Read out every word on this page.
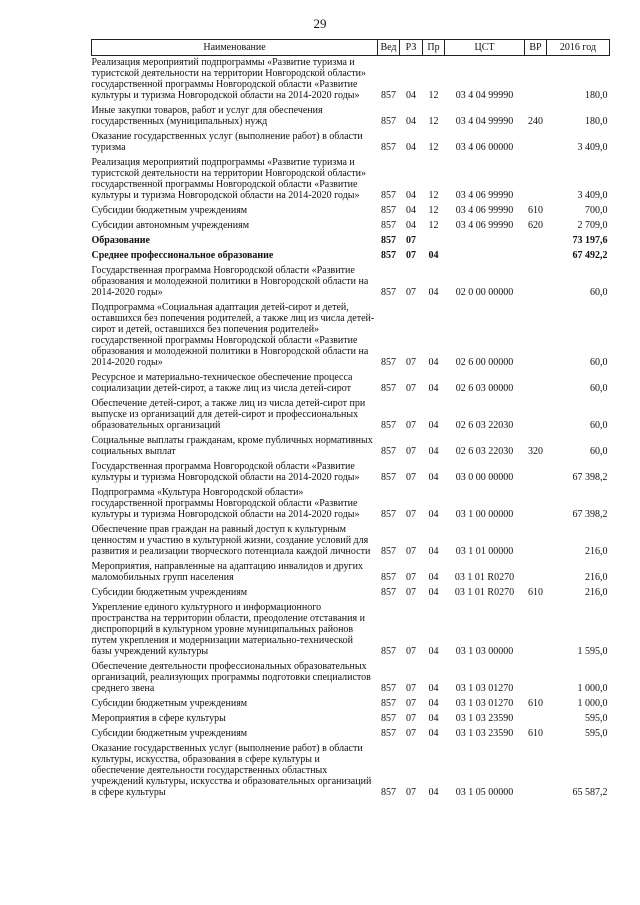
29
Наименование	Вед	РЗ	Пр	ЦСТ	ВР	2016 год
Реализация мероприятий подпрограммы «Развитие туризма и туристской деятельности на территории Новгородской области» государственной программы Новгородской области «Развитие культуры и туризма Новгородской области на 2014-2020 годы»	857	04	12	03 4 04 99990		180,0
Иные закупки товаров, работ и услуг для обеспечения государственных (муниципальных) нужд	857	04	12	03 4 04 99990	240	180,0
Оказание государственных услуг (выполнение работ) в области туризма	857	04	12	03 4 06 00000		3 409,0
Реализация мероприятий подпрограммы «Развитие туризма и туристской деятельности на территории Новгородской области» государственной программы Новгородской области «Развитие культуры и туризма Новгородской области на 2014-2020 годы»	857	04	12	03 4 06 99990		3 409,0
Субсидии бюджетным учреждениям	857	04	12	03 4 06 99990	610	700,0
Субсидии автономным учреждениям	857	04	12	03 4 06 99990	620	2 709,0
Образование	857	07				73 197,6
Среднее профессиональное образование	857	07	04			67 492,2
Государственная программа Новгородской области «Развитие образования и молодежной политики в Новгородской области на 2014-2020 годы»	857	07	04	02 0 00 00000		60,0
Подпрограмма «Социальная адаптация детей-сирот и детей, оставшихся без попечения родителей, а также лиц из числа детей-сирот и детей, оставшихся без попечения родителей» государственной программы Новгородской области «Развитие образования и молодежной политики в Новгородской области на 2014-2020 годы»	857	07	04	02 6 00 00000		60,0
Ресурсное и материально-техническое обеспечение процесса социализации детей-сирот, а также лиц из числа детей-сирот	857	07	04	02 6 03 00000		60,0
Обеспечение детей-сирот, а также лиц из числа детей-сирот при выпуске из организаций для детей-сирот и профессиональных образовательных организаций	857	07	04	02 6 03 22030		60,0
Социальные выплаты гражданам, кроме публичных нормативных социальных выплат	857	07	04	02 6 03 22030	320	60,0
Государственная программа Новгородской области «Развитие культуры и туризма Новгородской области на 2014-2020 годы»	857	07	04	03 0 00 00000		67 398,2
Подпрограмма «Культура Новгородской области» государственной программы Новгородской области «Развитие культуры и туризма Новгородской области на 2014-2020 годы»	857	07	04	03 1 00 00000		67 398,2
Обеспечение прав граждан на равный доступ к культурным ценностям и участию в культурной жизни, создание условий для развития и реализации творческого потенциала каждой личности	857	07	04	03 1 01 00000		216,0
Мероприятия, направленные на адаптацию инвалидов и других маломобильных групп населения	857	07	04	03 1 01 R0270		216,0
Субсидии бюджетным учреждениям	857	07	04	03 1 01 R0270	610	216,0
Укрепление единого культурного и информационного пространства на территории области, преодоление отставания и диспропорций в культурном уровне муниципальных районов путем укрепления и модернизации материально-технической базы учреждений культуры	857	07	04	03 1 03 00000		1 595,0
Обеспечение деятельности профессиональных образовательных организаций, реализующих программы подготовки специалистов среднего звена	857	07	04	03 1 03 01270		1 000,0
Субсидии бюджетным учреждениям	857	07	04	03 1 03 01270	610	1 000,0
Мероприятия в сфере культуры	857	07	04	03 1 03 23590		595,0
Субсидии бюджетным учреждениям	857	07	04	03 1 03 23590	610	595,0
Оказание государственных услуг (выполнение работ) в области культуры, искусства, образования в сфере культуры и обеспечение деятельности государственных областных учреждений культуры, искусства и образовательных организаций в сфере культуры	857	07	04	03 1 05 00000		65 587,2
